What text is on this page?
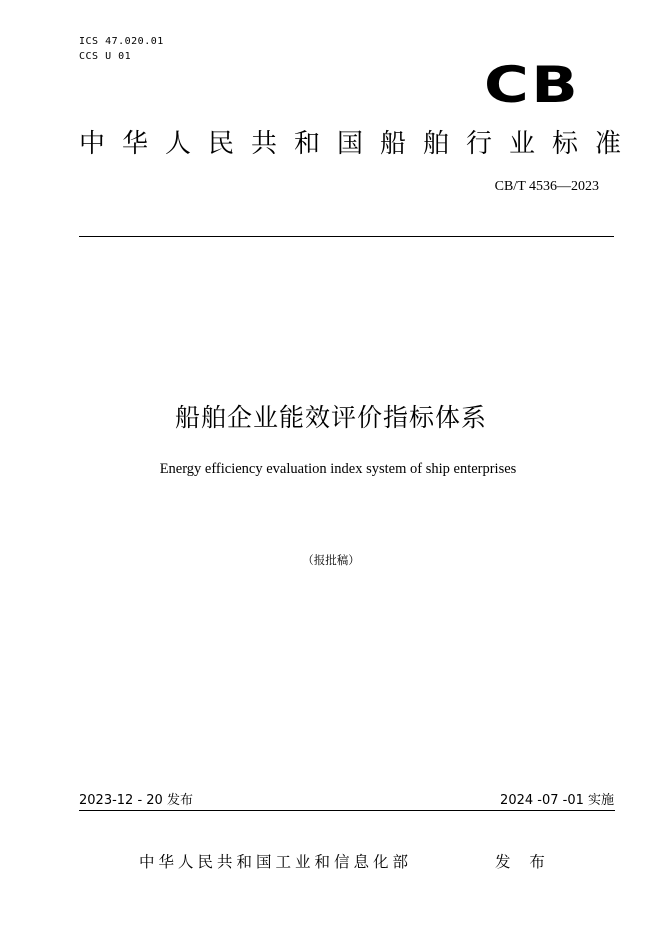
ICS 47.020.01
CCS U 01	CB
中华人民共和国船舶行业标准
CB/T 4536—2023
船舶企业能效评价指标体系
Energy efficiency evaluation index system of ship enterprises
（报批稿）
2023-12 - 20 发布	2024 -07 -01 实施
中华人民共和国工业和信息化部	发 布
